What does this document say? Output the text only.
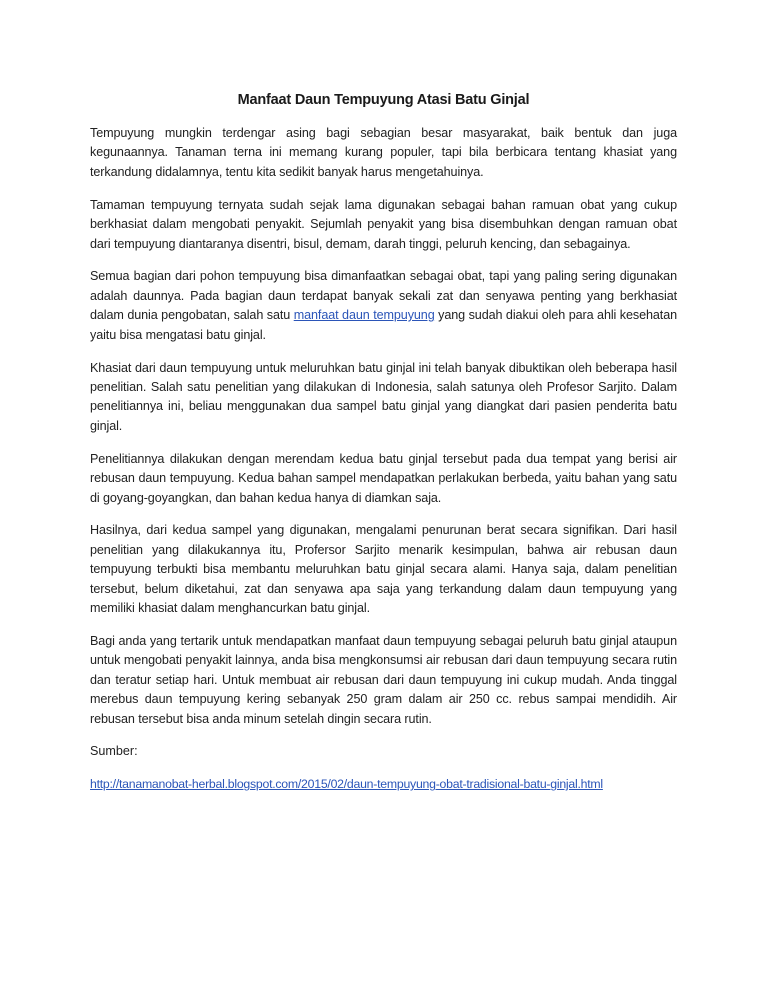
Manfaat Daun Tempuyung Atasi Batu Ginjal

Tempuyung mungkin terdengar asing bagi sebagian besar masyarakat, baik bentuk dan juga kegunaannya. Tanaman terna ini memang kurang populer, tapi bila berbicara tentang khasiat yang terkandung didalamnya, tentu kita sedikit banyak harus mengetahuinya.

Tamaman tempuyung ternyata sudah sejak lama digunakan sebagai bahan ramuan obat yang cukup berkhasiat dalam mengobati penyakit. Sejumlah penyakit yang bisa disembuhkan dengan ramuan obat dari tempuyung diantaranya disentri, bisul, demam, darah tinggi, peluruh kencing, dan sebagainya.

Semua bagian dari pohon tempuyung bisa dimanfaatkan sebagai obat, tapi yang paling sering digunakan adalah daunnya. Pada bagian daun terdapat banyak sekali zat dan senyawa penting yang berkhasiat dalam dunia pengobatan, salah satu manfaat daun tempuyung yang sudah diakui oleh para ahli kesehatan yaitu bisa mengatasi batu ginjal.

Khasiat dari daun tempuyung untuk meluruhkan batu ginjal ini telah banyak dibuktikan oleh beberapa hasil penelitian. Salah satu penelitian yang dilakukan di Indonesia, salah satunya oleh Profesor Sarjito. Dalam penelitiannya ini, beliau menggunakan dua sampel batu ginjal yang diangkat dari pasien penderita batu ginjal.

Penelitiannya dilakukan dengan merendam kedua batu ginjal tersebut pada dua tempat yang berisi air rebusan daun tempuyung. Kedua bahan sampel mendapatkan perlakukan berbeda, yaitu bahan yang satu di goyang-goyangkan, dan bahan kedua hanya di diamkan saja.

Hasilnya, dari kedua sampel yang digunakan, mengalami penurunan berat secara signifikan. Dari hasil penelitian yang dilakukannya itu, Profersor Sarjito menarik kesimpulan, bahwa air rebusan daun tempuyung terbukti bisa membantu meluruhkan batu ginjal secara alami. Hanya saja, dalam penelitian tersebut, belum diketahui, zat dan senyawa apa saja yang terkandung dalam daun tempuyung yang memiliki khasiat dalam menghancurkan batu ginjal.

Bagi anda yang tertarik untuk mendapatkan manfaat daun tempuyung sebagai peluruh batu ginjal ataupun untuk mengobati penyakit lainnya, anda bisa mengkonsumsi air rebusan dari daun tempuyung secara rutin dan teratur setiap hari. Untuk membuat air rebusan dari daun tempuyung ini cukup mudah. Anda tinggal merebus daun tempuyung kering sebanyak 250 gram dalam air 250 cc. rebus sampai mendidih. Air rebusan tersebut bisa anda minum setelah dingin secara rutin.

Sumber:

http://tanamanobat-herbal.blogspot.com/2015/02/daun-tempuyung-obat-tradisional-batu-ginjal.html
